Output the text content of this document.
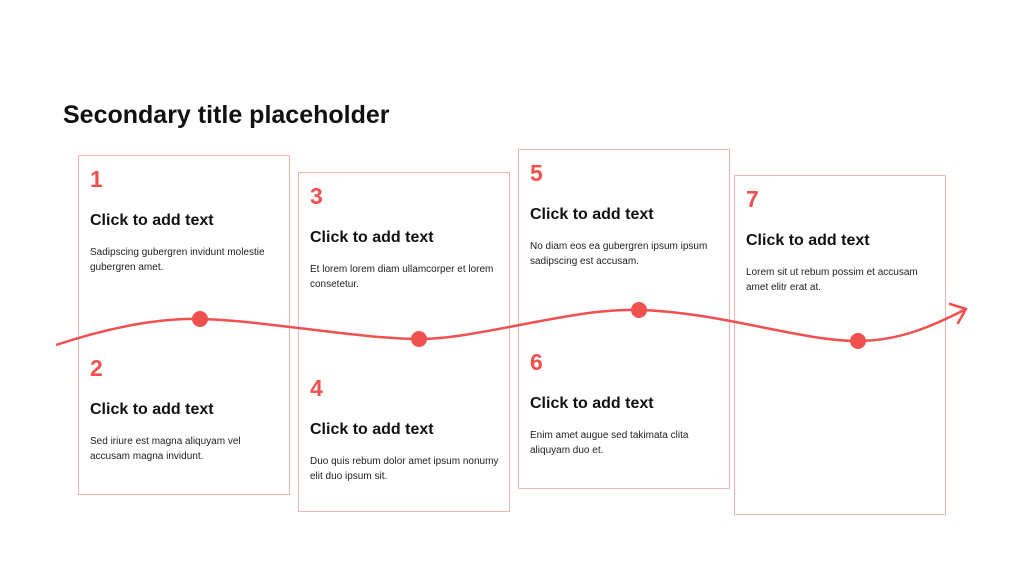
Secondary title placeholder
1
Click to add text
Sadipscing gubergren invidunt molestie gubergren amet.
2
Click to add text
Sed iriure est magna aliquyam vel accusam magna invidunt.
3
Click to add text
Et lorem lorem diam ullamcorper et lorem consetetur.
4
Click to add text
Duo quis rebum dolor amet ipsum nonumy elit duo ipsum sit.
5
Click to add text
No diam eos ea gubergren ipsum ipsum sadipscing est accusam.
6
Click to add text
Enim amet augue sed takimata clita aliquyam duo et.
7
Click to add text
Lorem sit ut rebum possim et accusam amet elitr erat at.
